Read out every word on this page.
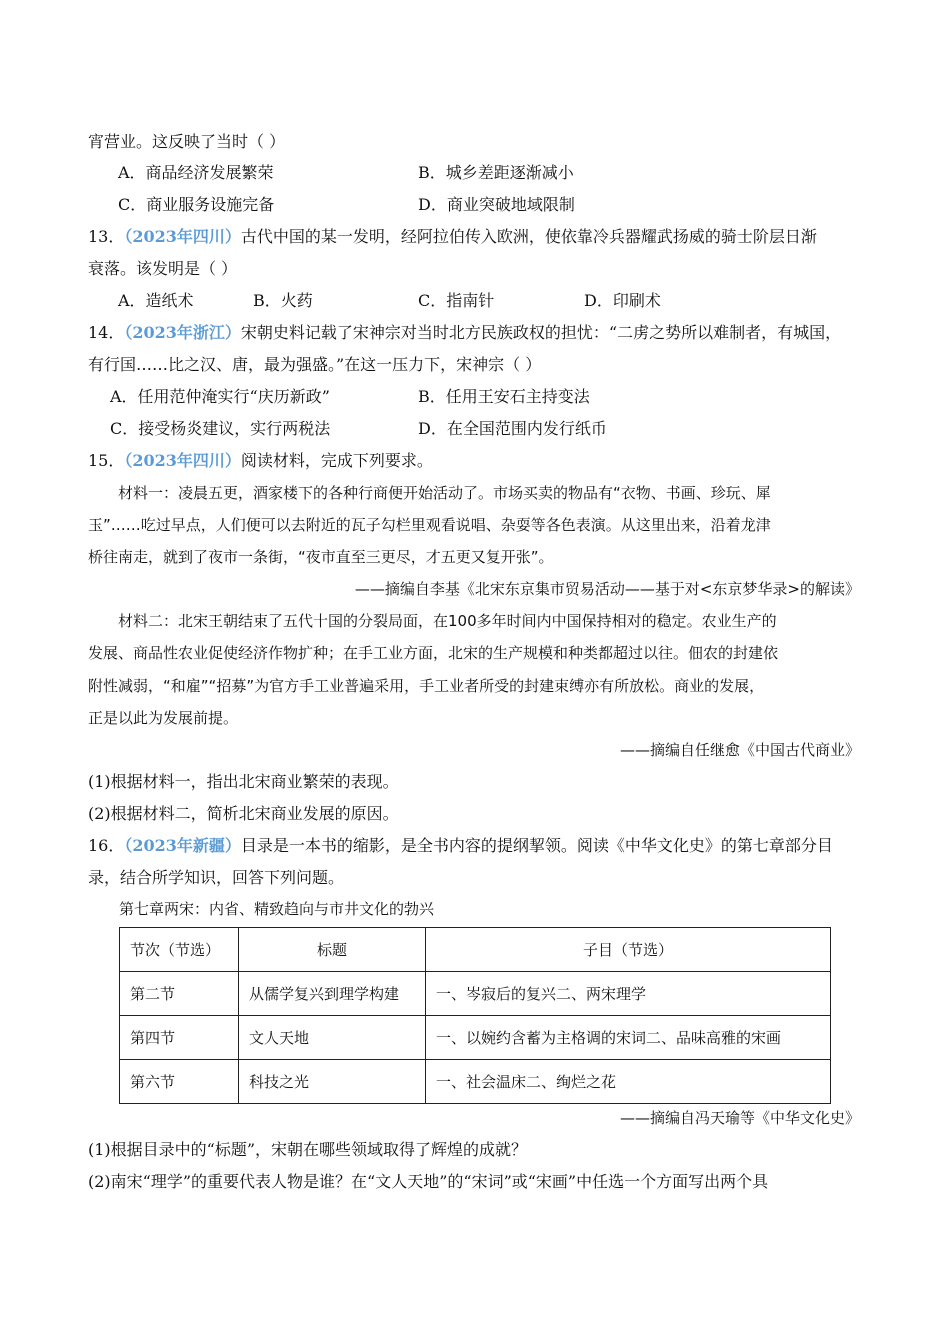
宵营业。这反映了当时（ ）
A．商品经济发展繁荣	B．城乡差距逐渐减小
C．商业服务设施完备	D．商业突破地域限制
13．（2023年四川）古代中国的某一发明，经阿拉伯传入欧洲，使依靠冷兵器耀武扬威的骑士阶层日渐
衰落。该发明是（ ）
A．造纸术	B．火药	C．指南针	D．印刷术
14．（2023年浙江）宋朝史料记载了宋神宗对当时北方民族政权的担忧：“二虏之势所以难制者，有城国，
有行国……比之汉、唐，最为强盛。”在这一压力下，宋神宗（ ）
A．任用范仲淹实行“庆历新政”	B．任用王安石主持变法
C．接受杨炎建议，实行两税法	D．在全国范围内发行纸币
15．（2023年四川）阅读材料，完成下列要求。
材料一：凌晨五更，酒家楼下的各种行商便开始活动了。市场买卖的物品有“衣物、书画、珍玩、犀
玉”……吃过早点，人们便可以去附近的瓦子勾栏里观看说唱、杂耍等各色表演。从这里出来，沿着龙津
桥往南走，就到了夜市一条街，“夜市直至三更尽，才五更又复开张”。
——摘编自李基《北宋东京集市贸易活动——基于对<东京梦华录>的解读》
材料二：北宋王朝结束了五代十国的分裂局面，在100多年时间内中国保持相对的稳定。农业生产的
发展、商品性农业促使经济作物扩种；在手工业方面，北宋的生产规模和种类都超过以往。佃农的封建依
附性减弱，“和雇”“招募”为官方手工业普遍采用，手工业者所受的封建束缚亦有所放松。商业的发展，
正是以此为发展前提。
——摘编自任继愈《中国古代商业》
(1)根据材料一，指出北宋商业繁荣的表现。
(2)根据材料二，简析北宋商业发展的原因。
16．（2023年新疆）目录是一本书的缩影，是全书内容的提纲挈领。阅读《中华文化史》的第七章部分目
录，结合所学知识，回答下列问题。
第七章两宋：内省、精致趋向与市井文化的勃兴
节次（节选）	标题	子目（节选）
第二节	从儒学复兴到理学构建	一、岑寂后的复兴二、两宋理学
第四节	文人天地	一、以婉约含蓄为主格调的宋词二、品味高雅的宋画
第六节	科技之光	一、社会温床二、绚烂之花
——摘编自冯天瑜等《中华文化史》
(1)根据目录中的“标题”，宋朝在哪些领域取得了辉煌的成就？
(2)南宋“理学”的重要代表人物是谁？在“文人天地”的“宋词”或“宋画”中任选一个方面写出两个具
